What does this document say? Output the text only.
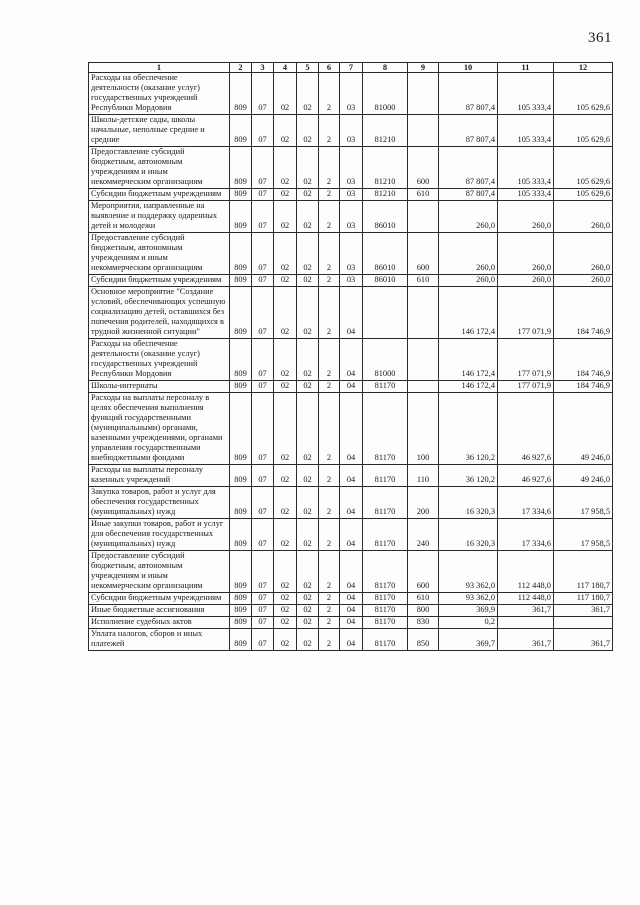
361
1	2	3	4	5	6	7	8	9	10	11	12
Расходы на обеспечение деятельности (оказание услуг) государственных учреждений Республики Мордовия	809	07	02	02	2	03	81000		87 807,4	105 333,4	105 629,6
Школы-детские сады, школы начальные, неполные средние и средние	809	07	02	02	2	03	81210		87 807,4	105 333,4	105 629,6
Предоставление субсидий бюджетным, автономным учреждениям и иным некоммерческим организациям	809	07	02	02	2	03	81210	600	87 807,4	105 333,4	105 629,6
Субсидии бюджетным учреждениям	809	07	02	02	2	03	81210	610	87 807,4	105 333,4	105 629,6
Мероприятия, направленные на выявление и поддержку одаренных детей и молодежи	809	07	02	02	2	03	86010		260,0	260,0	260,0
Предоставление субсидий бюджетным, автономным учреждениям и иным некоммерческим организациям	809	07	02	02	2	03	86010	600	260,0	260,0	260,0
Субсидии бюджетным учреждениям	809	07	02	02	2	03	86010	610	260,0	260,0	260,0
Основное мероприятие "Создание условий, обеспечивающих успешную социализацию детей, оставшихся без попечения родителей, находящихся в трудной жизненной ситуации"	809	07	02	02	2	04			146 172,4	177 071,9	184 746,9
Расходы на обеспечение деятельности (оказание услуг) государственных учреждений Республики Мордовия	809	07	02	02	2	04	81000		146 172,4	177 071,9	184 746,9
Школы-интернаты	809	07	02	02	2	04	81170		146 172,4	177 071,9	184 746,9
Расходы на выплаты персоналу в целях обеспечения выполнения функций государственными (муниципальными) органами, казенными учреждениями, органами управления государственными внебюджетными фондами	809	07	02	02	2	04	81170	100	36 120,2	46 927,6	49 246,0
Расходы на выплаты персоналу казенных учреждений	809	07	02	02	2	04	81170	110	36 120,2	46 927,6	49 246,0
Закупка товаров, работ и услуг для обеспечения государственных (муниципальных) нужд	809	07	02	02	2	04	81170	200	16 320,3	17 334,6	17 958,5
Иные закупки товаров, работ и услуг для обеспечения государственных (муниципальных) нужд	809	07	02	02	2	04	81170	240	16 320,3	17 334,6	17 958,5
Предоставление субсидий бюджетным, автономным учреждениям и иным некоммерческим организациям	809	07	02	02	2	04	81170	600	93 362,0	112 448,0	117 180,7
Субсидии бюджетным учреждениям	809	07	02	02	2	04	81170	610	93 362,0	112 448,0	117 180,7
Иные бюджетные ассигнования	809	07	02	02	2	04	81170	800	369,9	361,7	361,7
Исполнение судебных актов	809	07	02	02	2	04	81170	830	0,2		
Уплата налогов, сборов и иных платежей	809	07	02	02	2	04	81170	850	369,7	361,7	361,7
